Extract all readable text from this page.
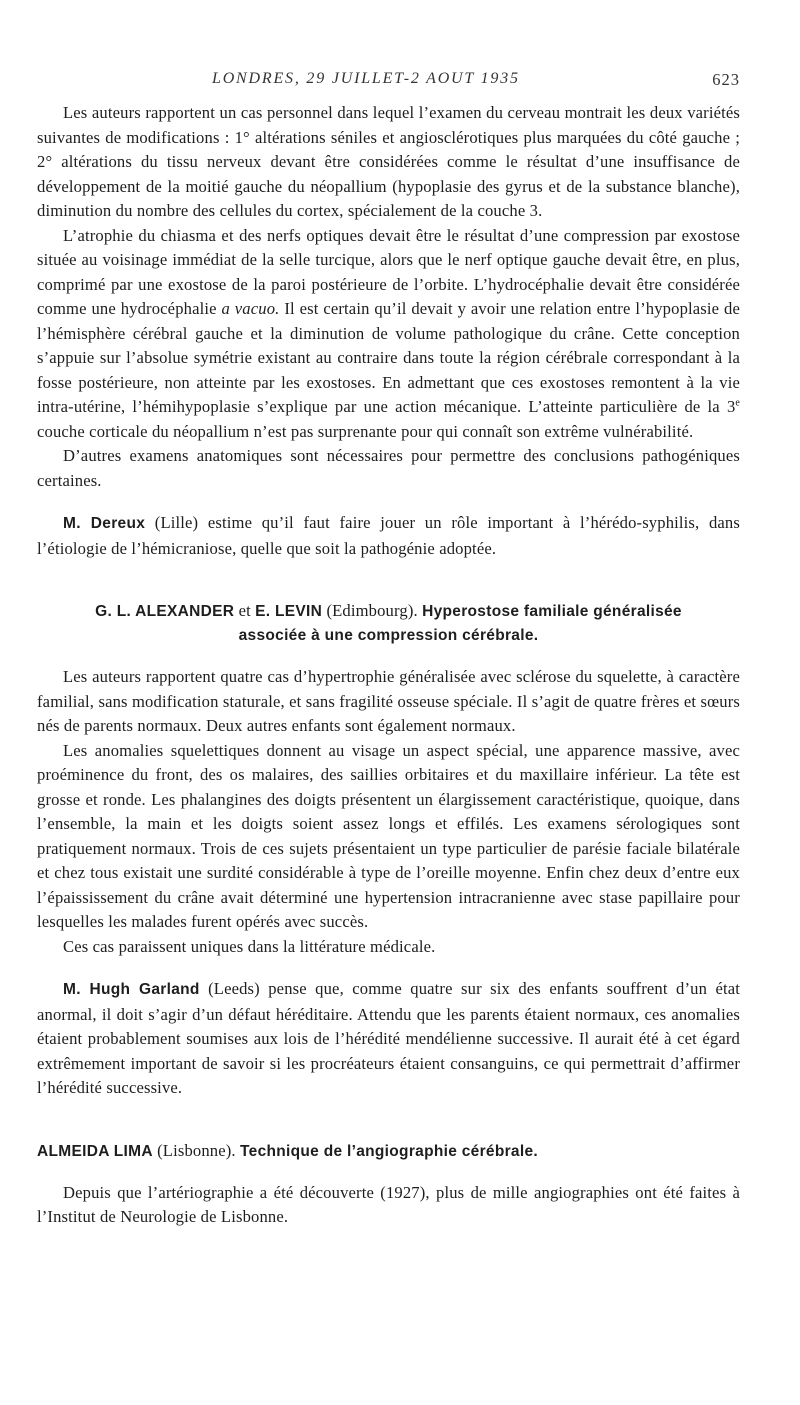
LONDRES, 29 JUILLET-2 AOUT 1935	623

Les auteurs rapportent un cas personnel dans lequel l’examen du cerveau montrait les deux variétés suivantes de modifications : 1° altérations séniles et angiosclérotiques plus marquées du côté gauche ; 2° altérations du tissu nerveux devant être considérées comme le résultat d’une insuffisance de développement de la moitié gauche du néopallium (hypoplasie des gyrus et de la substance blanche), diminution du nombre des cellules du cortex, spécialement de la couche 3.

L’atrophie du chiasma et des nerfs optiques devait être le résultat d’une compression par exostose située au voisinage immédiat de la selle turcique, alors que le nerf optique gauche devait être, en plus, comprimé par une exostose de la paroi postérieure de l’orbite. L’hydrocéphalie devait être considérée comme une hydrocéphalie a vacuo. Il est certain qu’il devait y avoir une relation entre l’hypoplasie de l’hémisphère cérébral gauche et la diminution de volume pathologique du crâne. Cette conception s’appuie sur l’absolue symétrie existant au contraire dans toute la région cérébrale correspondant à la fosse postérieure, non atteinte par les exostoses. En admettant que ces exostoses remontent à la vie intra-utérine, l’hémihypoplasie s’explique par une action mécanique. L’atteinte particulière de la 3e couche corticale du néopallium n’est pas surprenante pour qui connaît son extrême vulnérabilité.

D’autres examens anatomiques sont nécessaires pour permettre des conclusions pathogéniques certaines.

M. Dereux (Lille) estime qu’il faut faire jouer un rôle important à l’hérédo-syphilis, dans l’étiologie de l’hémicraniose, quelle que soit la pathogénie adoptée.

G. L. ALEXANDER et E. LEVIN (Edimbourg). Hyperostose familiale généralisée
associée à une compression cérébrale.

Les auteurs rapportent quatre cas d’hypertrophie généralisée avec sclérose du squelette, à caractère familial, sans modification staturale, et sans fragilité osseuse spéciale. Il s’agit de quatre frères et sœurs nés de parents normaux. Deux autres enfants sont également normaux.

Les anomalies squelettiques donnent au visage un aspect spécial, une apparence massive, avec proéminence du front, des os malaires, des saillies orbitaires et du maxillaire inférieur. La tête est grosse et ronde. Les phalangines des doigts présentent un élargissement caractéristique, quoique, dans l’ensemble, la main et les doigts soient assez longs et effilés. Les examens sérologiques sont pratiquement normaux. Trois de ces sujets présentaient un type particulier de parésie faciale bilatérale et chez tous existait une surdité considérable à type de l’oreille moyenne. Enfin chez deux d’entre eux l’épaississement du crâne avait déterminé une hypertension intracranienne avec stase papillaire pour lesquelles les malades furent opérés avec succès.

Ces cas paraissent uniques dans la littérature médicale.

M. Hugh Garland (Leeds) pense que, comme quatre sur six des enfants souffrent d’un état anormal, il doit s’agir d’un défaut héréditaire. Attendu que les parents étaient normaux, ces anomalies étaient probablement soumises aux lois de l’hérédité mendélienne successive. Il aurait été à cet égard extrêmement important de savoir si les procréateurs étaient consanguins, ce qui permettrait d’affirmer l’hérédité successive.

ALMEIDA LIMA (Lisbonne). Technique de l’angiographie cérébrale.

Depuis que l’artériographie a été découverte (1927), plus de mille angiographies ont été faites à l’Institut de Neurologie de Lisbonne.
